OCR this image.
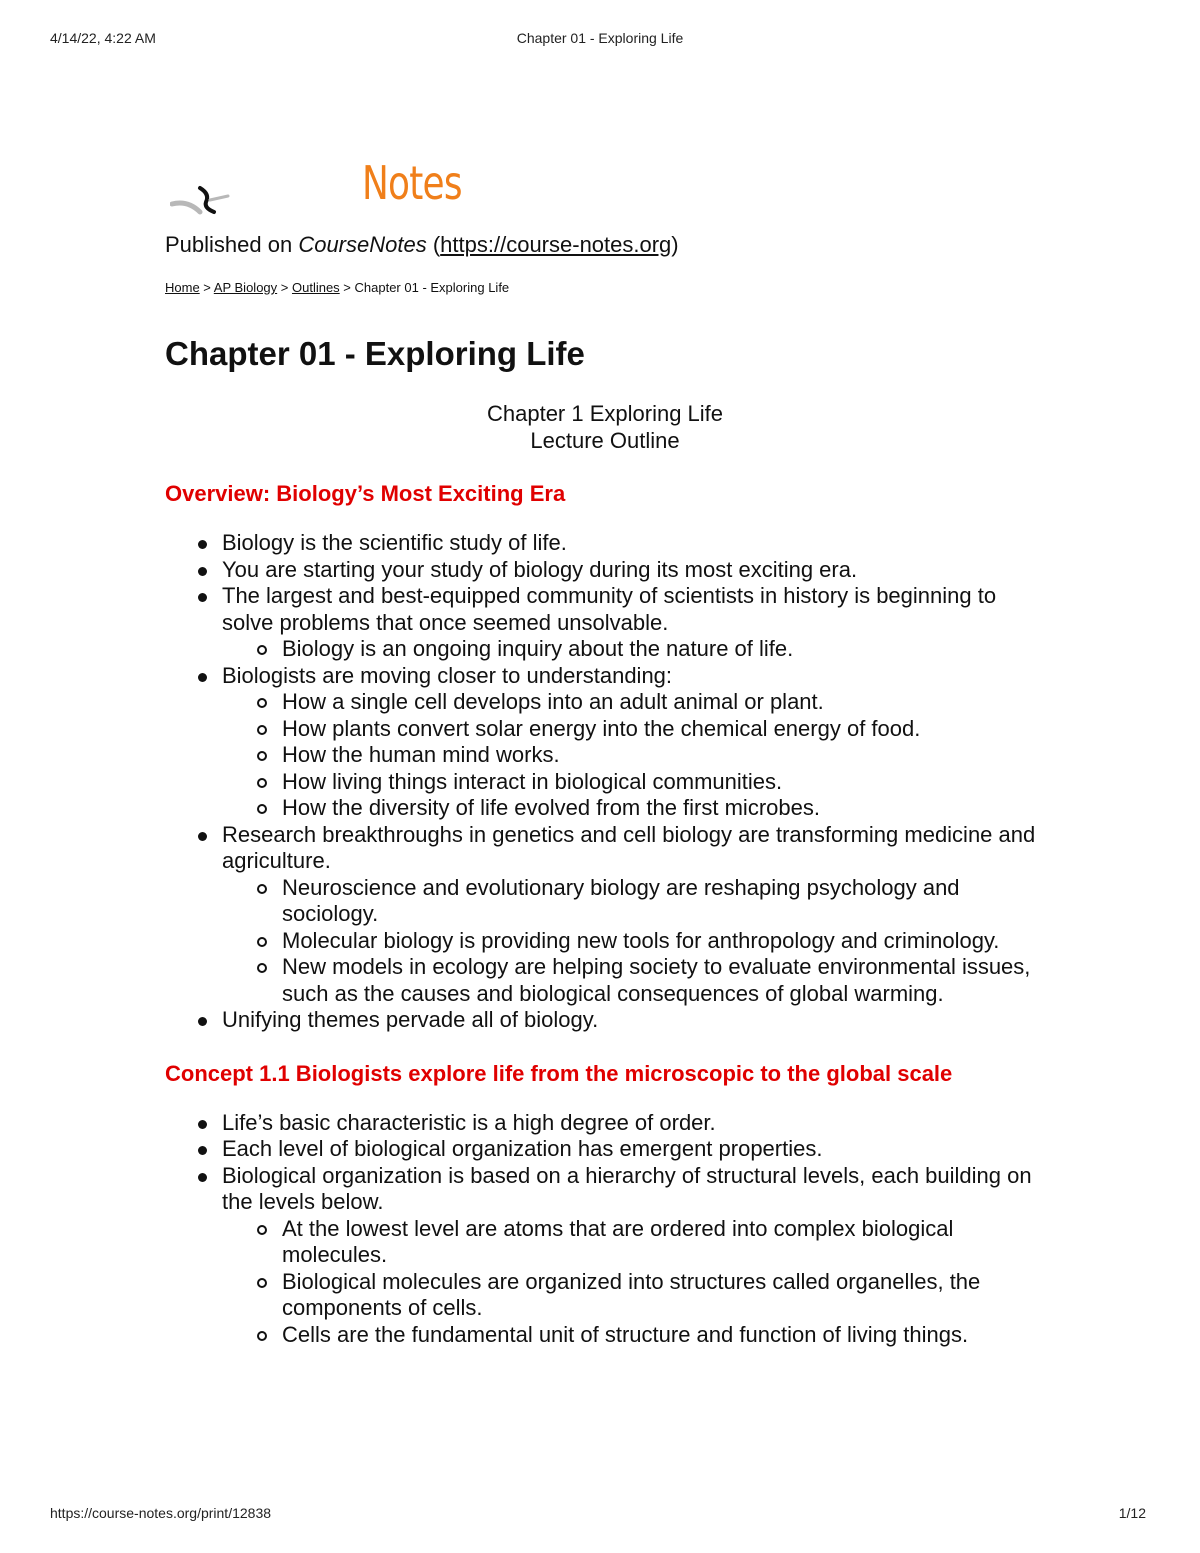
Chapter 01 - Exploring Life
4/14/22, 4:22 AM
Notes
Published on CourseNotes (https://course-notes.org)
Home > AP Biology > Outlines > Chapter 01 - Exploring Life
Chapter 01 - Exploring Life
Chapter 1 Exploring Life
Lecture Outline
Overview: Biology’s Most Exciting Era
Biology is the scientific study of life.
You are starting your study of biology during its most exciting era.
The largest and best-equipped community of scientists in history is beginning to solve problems that once seemed unsolvable.
Biology is an ongoing inquiry about the nature of life.
Biologists are moving closer to understanding:
How a single cell develops into an adult animal or plant.
How plants convert solar energy into the chemical energy of food.
How the human mind works.
How living things interact in biological communities.
How the diversity of life evolved from the first microbes.
Research breakthroughs in genetics and cell biology are transforming medicine and agriculture.
Neuroscience and evolutionary biology are reshaping psychology and sociology.
Molecular biology is providing new tools for anthropology and criminology.
New models in ecology are helping society to evaluate environmental issues, such as the causes and biological consequences of global warming.
Unifying themes pervade all of biology.
Concept 1.1 Biologists explore life from the microscopic to the global scale
Life’s basic characteristic is a high degree of order.
Each level of biological organization has emergent properties.
Biological organization is based on a hierarchy of structural levels, each building on the levels below.
At the lowest level are atoms that are ordered into complex biological molecules.
Biological molecules are organized into structures called organelles, the components of cells.
Cells are the fundamental unit of structure and function of living things.
https://course-notes.org/print/12838	1/12
